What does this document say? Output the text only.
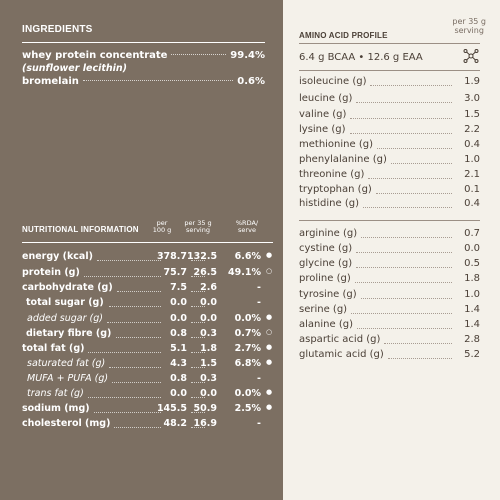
INGREDIENTS
whey protein concentrate	99.4%
(sunflower lecithin)
bromelain	0.6%
NUTRITIONAL INFORMATION
per
100 g
per 35 g
serving
%RDA/
serve
energy (kcal)	378.7 132.5	6.6% ●
protein (g)	75.7 26.5	49.1% ○
carbohydrate (g)	7.5	2.6	-
total sugar (g)	0.0	0.0	-
added sugar (g)	0.0	0.0	0.0% ●
dietary fibre (g)	0.8	0.3	0.7% ○
total fat (g)	5.1	1.8	2.7% ●
saturated fat (g)	4.3	1.5	6.8% ●
MUFA + PUFA (g)	0.8	0.3	-
trans fat (g)	0.0	0.0	0.0% ●
sodium (mg)	145.5 50.9	2.5% ●
cholesterol (mg)	48.2 16.9	-
AMINO ACID PROFILE
per 35 g
serving
6.4 g BCAA • 12.6 g EAA
isoleucine (g)	1.9
leucine (g)	3.0
valine (g)	1.5
lysine (g)	2.2
methionine (g)	0.4
phenylalanine (g)	1.0
threonine (g)	2.1
tryptophan (g)	0.1
histidine (g)	0.4
arginine (g)	0.7
cystine (g)	0.0
glycine (g)	0.5
proline (g)	1.8
tyrosine (g)	1.0
serine (g)	1.4
alanine (g)	1.4
aspartic acid (g)	2.8
glutamic acid (g)	5.2
